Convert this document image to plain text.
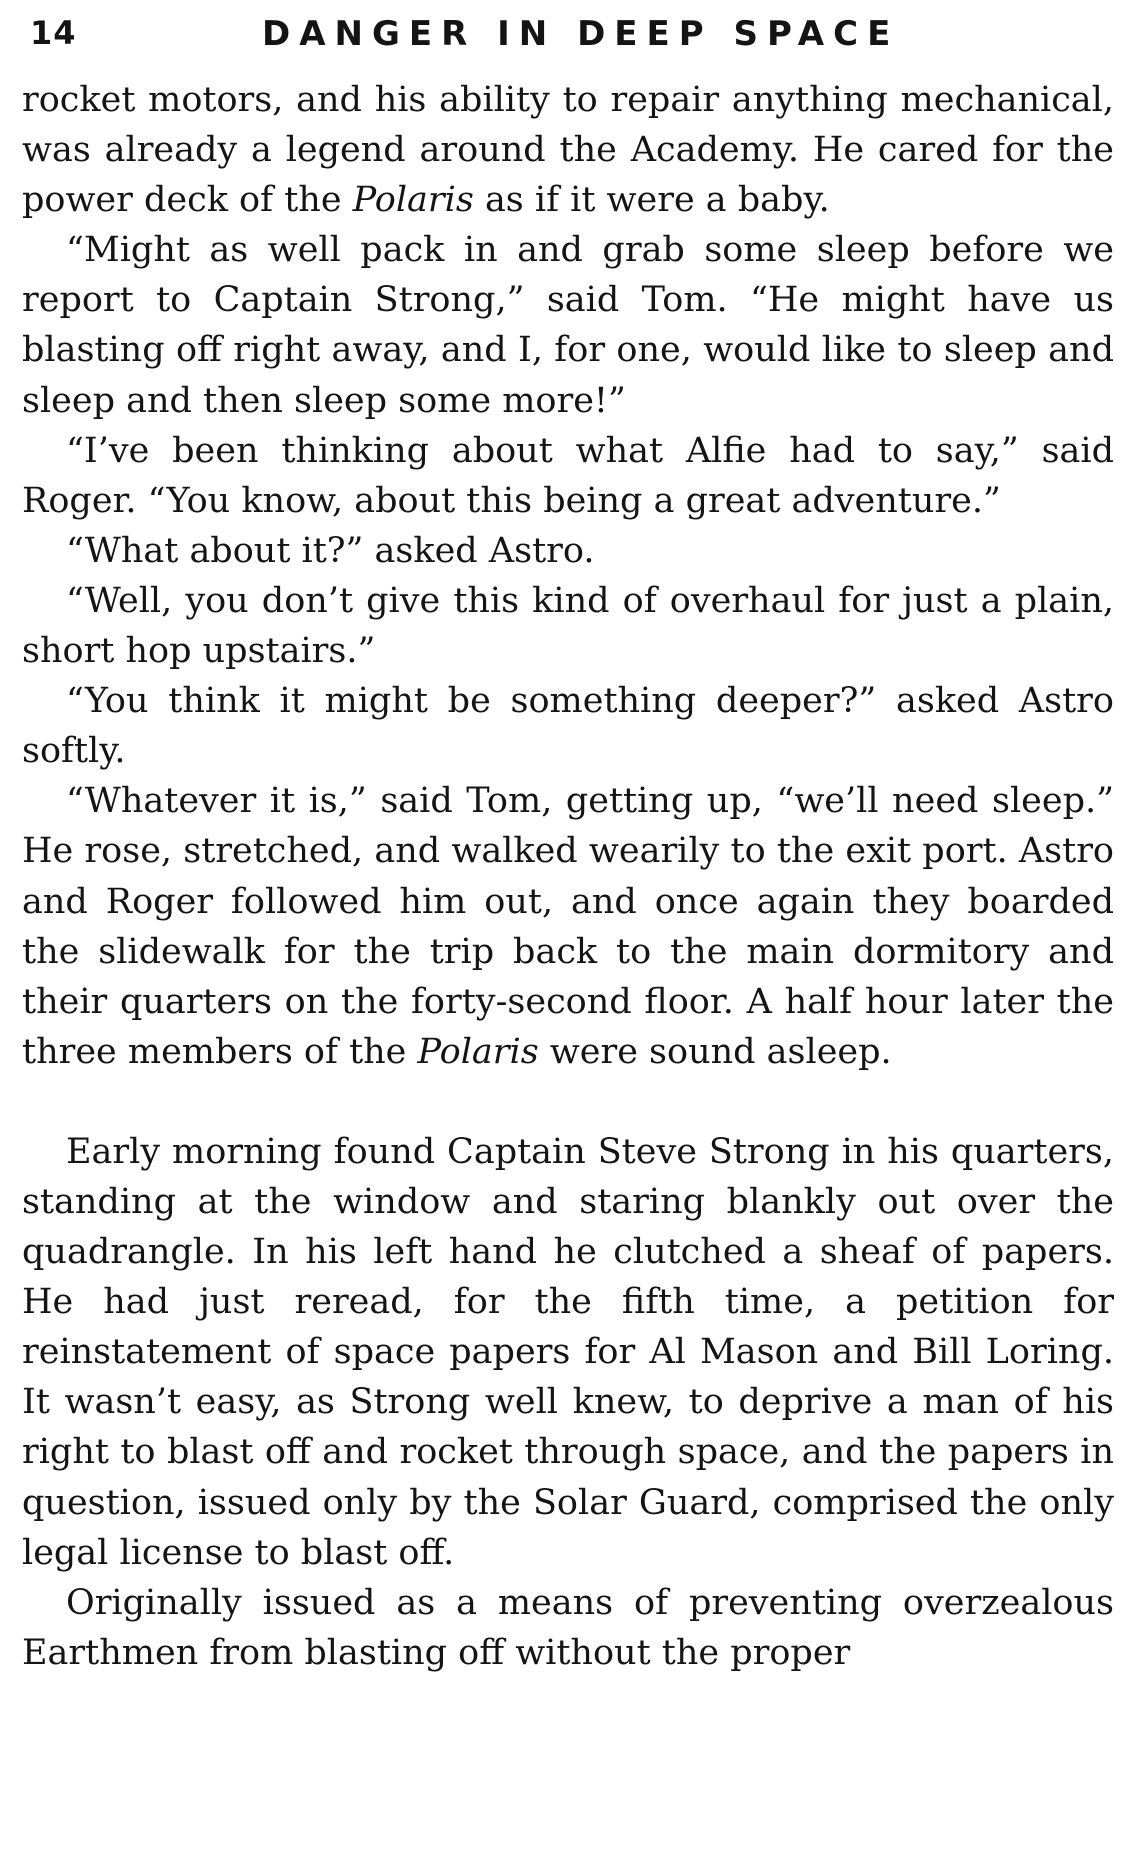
14	DANGER IN DEEP SPACE

rocket motors, and his ability to repair anything mechanical, was already a legend around the Academy. He cared for the power deck of the Polaris as if it were a baby.

“Might as well pack in and grab some sleep before we report to Captain Strong,” said Tom. “He might have us blasting off right away, and I, for one, would like to sleep and sleep and then sleep some more!”

“I’ve been thinking about what Alfie had to say,” said Roger. “You know, about this being a great adventure.”

“What about it?” asked Astro.

“Well, you don’t give this kind of overhaul for just a plain, short hop upstairs.”

“You think it might be something deeper?” asked Astro softly.

“Whatever it is,” said Tom, getting up, “we’ll need sleep.” He rose, stretched, and walked wearily to the exit port. Astro and Roger followed him out, and once again they boarded the slidewalk for the trip back to the main dormitory and their quarters on the forty-second floor. A half hour later the three members of the Polaris were sound asleep.

Early morning found Captain Steve Strong in his quarters, standing at the window and staring blankly out over the quadrangle. In his left hand he clutched a sheaf of papers. He had just reread, for the fifth time, a petition for reinstatement of space papers for Al Mason and Bill Loring. It wasn’t easy, as Strong well knew, to deprive a man of his right to blast off and rocket through space, and the papers in question, issued only by the Solar Guard, comprised the only legal license to blast off.

Originally issued as a means of preventing overzealous Earthmen from blasting off without the proper
